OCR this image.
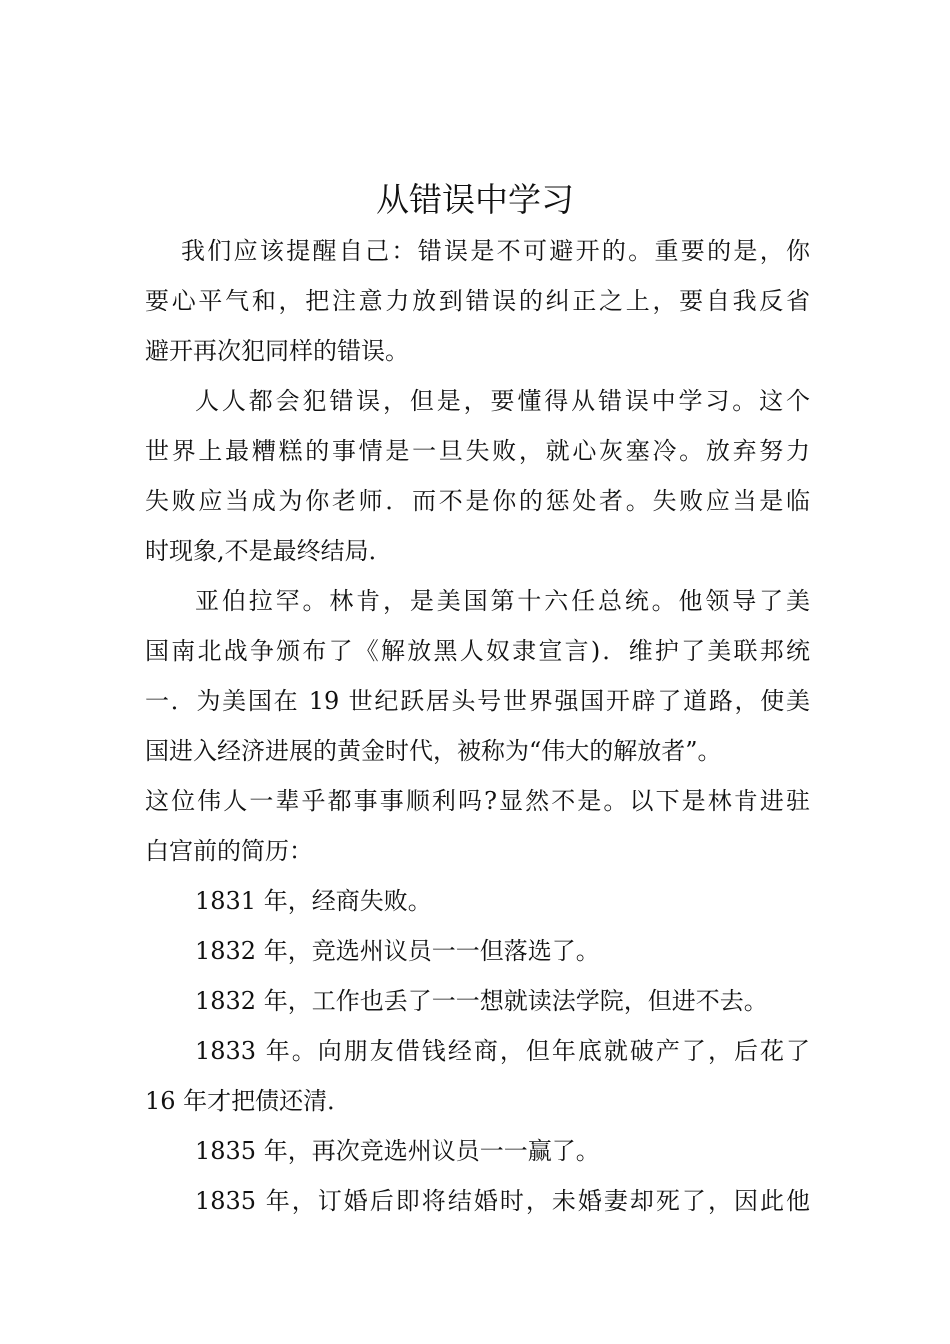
从错误中学习
我们应该提醒自己：错误是不可避开的。重要的是，你
要心平气和，把注意力放到错误的纠正之上，要自我反省
避开再次犯同样的错误。
人人都会犯错误，但是，要懂得从错误中学习。这个
世界上最糟糕的事情是一旦失败，就心灰塞冷。放弃努力
失败应当成为你老师．而不是你的惩处者。失败应当是临
时现象,不是最终结局．
亚伯拉罕。林肯，是美国第十六任总统。他领导了美
国南北战争颁布了《解放黑人奴隶宣言)．维护了美联邦统
一．为美国在 19 世纪跃居头号世界强国开辟了道路，使美
国进入经济进展的黄金时代，被称为“伟大的解放者”。
这位伟人一辈乎都事事顺利吗?显然不是。以下是林肯进驻
白宫前的简历：
1831 年，经商失败。
1832 年，竞选州议员一一但落选了。
1832 年，工作也丢了一一想就读法学院，但进不去。
1833 年。向朋友借钱经商，但年底就破产了，后花了
16 年才把债还清．
1835 年，再次竞选州议员一一赢了。
1835 年，订婚后即将结婚时，未婚妻却死了，因此他
